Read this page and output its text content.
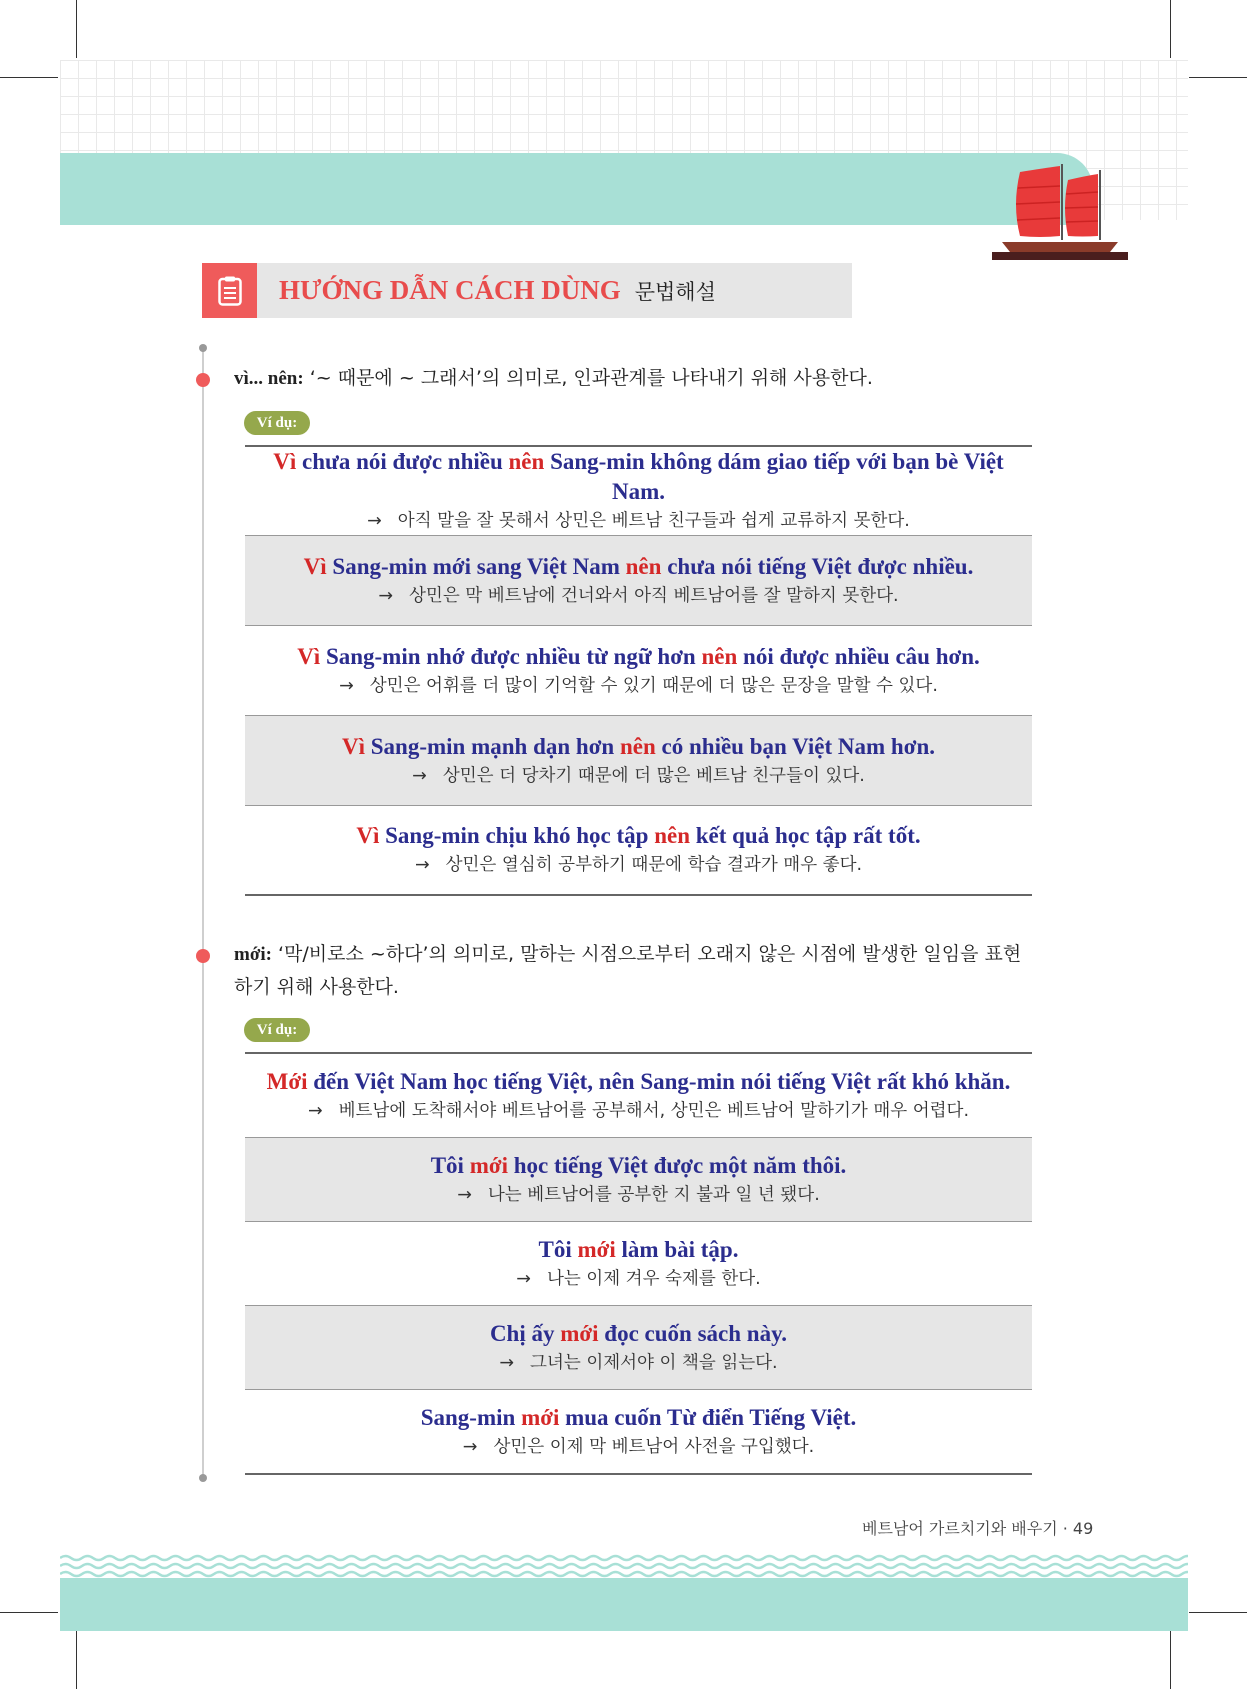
HƯỚNG DẪN CÁCH DÙNG 문법해설
vì... nên: ‘~ 때문에 ~ 그래서’의 의미로, 인과관계를 나타내기 위해 사용한다.
Ví dụ:
Vì chưa nói được nhiều nên Sang-min không dám giao tiếp với bạn bè Việt Nam.
→ 아직 말을 잘 못해서 상민은 베트남 친구들과 쉽게 교류하지 못한다.
Vì Sang-min mới sang Việt Nam nên chưa nói tiếng Việt được nhiều.
→ 상민은 막 베트남에 건너와서 아직 베트남어를 잘 말하지 못한다.
Vì Sang-min nhớ được nhiều từ ngữ hơn nên nói được nhiều câu hơn.
→ 상민은 어휘를 더 많이 기억할 수 있기 때문에 더 많은 문장을 말할 수 있다.
Vì Sang-min mạnh dạn hơn nên có nhiều bạn Việt Nam hơn.
→ 상민은 더 당차기 때문에 더 많은 베트남 친구들이 있다.
Vì Sang-min chịu khó học tập nên kết quả học tập rất tốt.
→ 상민은 열심히 공부하기 때문에 학습 결과가 매우 좋다.
mới: ‘막/비로소 ~하다’의 의미로, 말하는 시점으로부터 오래지 않은 시점에 발생한 일임을 표현하기 위해 사용한다.
Ví dụ:
Mới đến Việt Nam học tiếng Việt, nên Sang-min nói tiếng Việt rất khó khăn.
→ 베트남에 도착해서야 베트남어를 공부해서, 상민은 베트남어 말하기가 매우 어렵다.
Tôi mới học tiếng Việt được một năm thôi.
→ 나는 베트남어를 공부한 지 불과 일 년 됐다.
Tôi mới làm bài tập.
→ 나는 이제 겨우 숙제를 한다.
Chị ấy mới đọc cuốn sách này.
→ 그녀는 이제서야 이 책을 읽는다.
Sang-min mới mua cuốn Từ điển Tiếng Việt.
→ 상민은 이제 막 베트남어 사전을 구입했다.
베트남어 가르치기와 배우기 · 49
